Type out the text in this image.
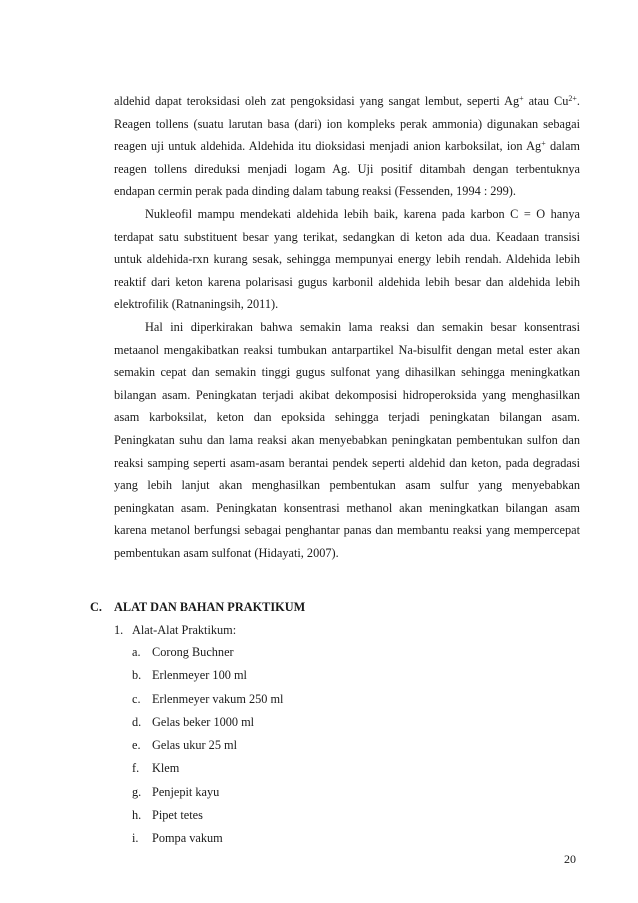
aldehid dapat teroksidasi oleh zat pengoksidasi yang sangat lembut, seperti Ag+ atau $Cu^{2+}$. Reagen tollens (suatu larutan basa (dari) ion kompleks perak ammonia) digunakan sebagai reagen uji untuk aldehida. Aldehida itu dioksidasi menjadi anion karboksilat, ion Ag+ dalam reagen tollens direduksi menjadi logam Ag. Uji positif ditambah dengan terbentuknya endapan cermin perak pada dinding dalam tabung reaksi (Fessenden, 1994 : 299).

Nukleofil mampu mendekati aldehida lebih baik, karena pada karbon C = O hanya terdapat satu substituent besar yang terikat, sedangkan di keton ada dua. Keadaan transisi untuk aldehida-rxn kurang sesak, sehingga mempunyai energy lebih rendah. Aldehida lebih reaktif dari keton karena polarisasi gugus karbonil aldehida lebih besar dan aldehida lebih elektrofilik (Ratnaningsih, 2011).

Hal ini diperkirakan bahwa semakin lama reaksi dan semakin besar konsentrasi metaanol mengakibatkan reaksi tumbukan antarpartikel Na-bisulfit dengan metal ester akan semakin cepat dan semakin tinggi gugus sulfonat yang dihasilkan sehingga meningkatkan bilangan asam. Peningkatan terjadi akibat dekomposisi hidroperoksida yang menghasilkan asam karboksilat, keton dan epoksida sehingga terjadi peningkatan bilangan asam. Peningkatan suhu dan lama reaksi akan menyebabkan peningkatan pembentukan sulfon dan reaksi samping seperti asam-asam berantai pendek seperti aldehid dan keton, pada degradasi yang lebih lanjut akan menghasilkan pembentukan asam sulfur yang menyebabkan peningkatan asam. Peningkatan konsentrasi methanol akan meningkatkan bilangan asam karena metanol berfungsi sebagai penghantar panas dan membantu reaksi yang mempercepat pembentukan asam sulfonat (Hidayati, 2007).

C. ALAT DAN BAHAN PRAKTIKUM
1. Alat-Alat Praktikum:
a. Corong Buchner
b. Erlenmeyer 100 ml
c. Erlenmeyer vakum 250 ml
d. Gelas beker 1000 ml
e. Gelas ukur 25 ml
f.	Klem
g. Penjepit kayu
h. Pipet tetes
i.	Pompa vakum
20
